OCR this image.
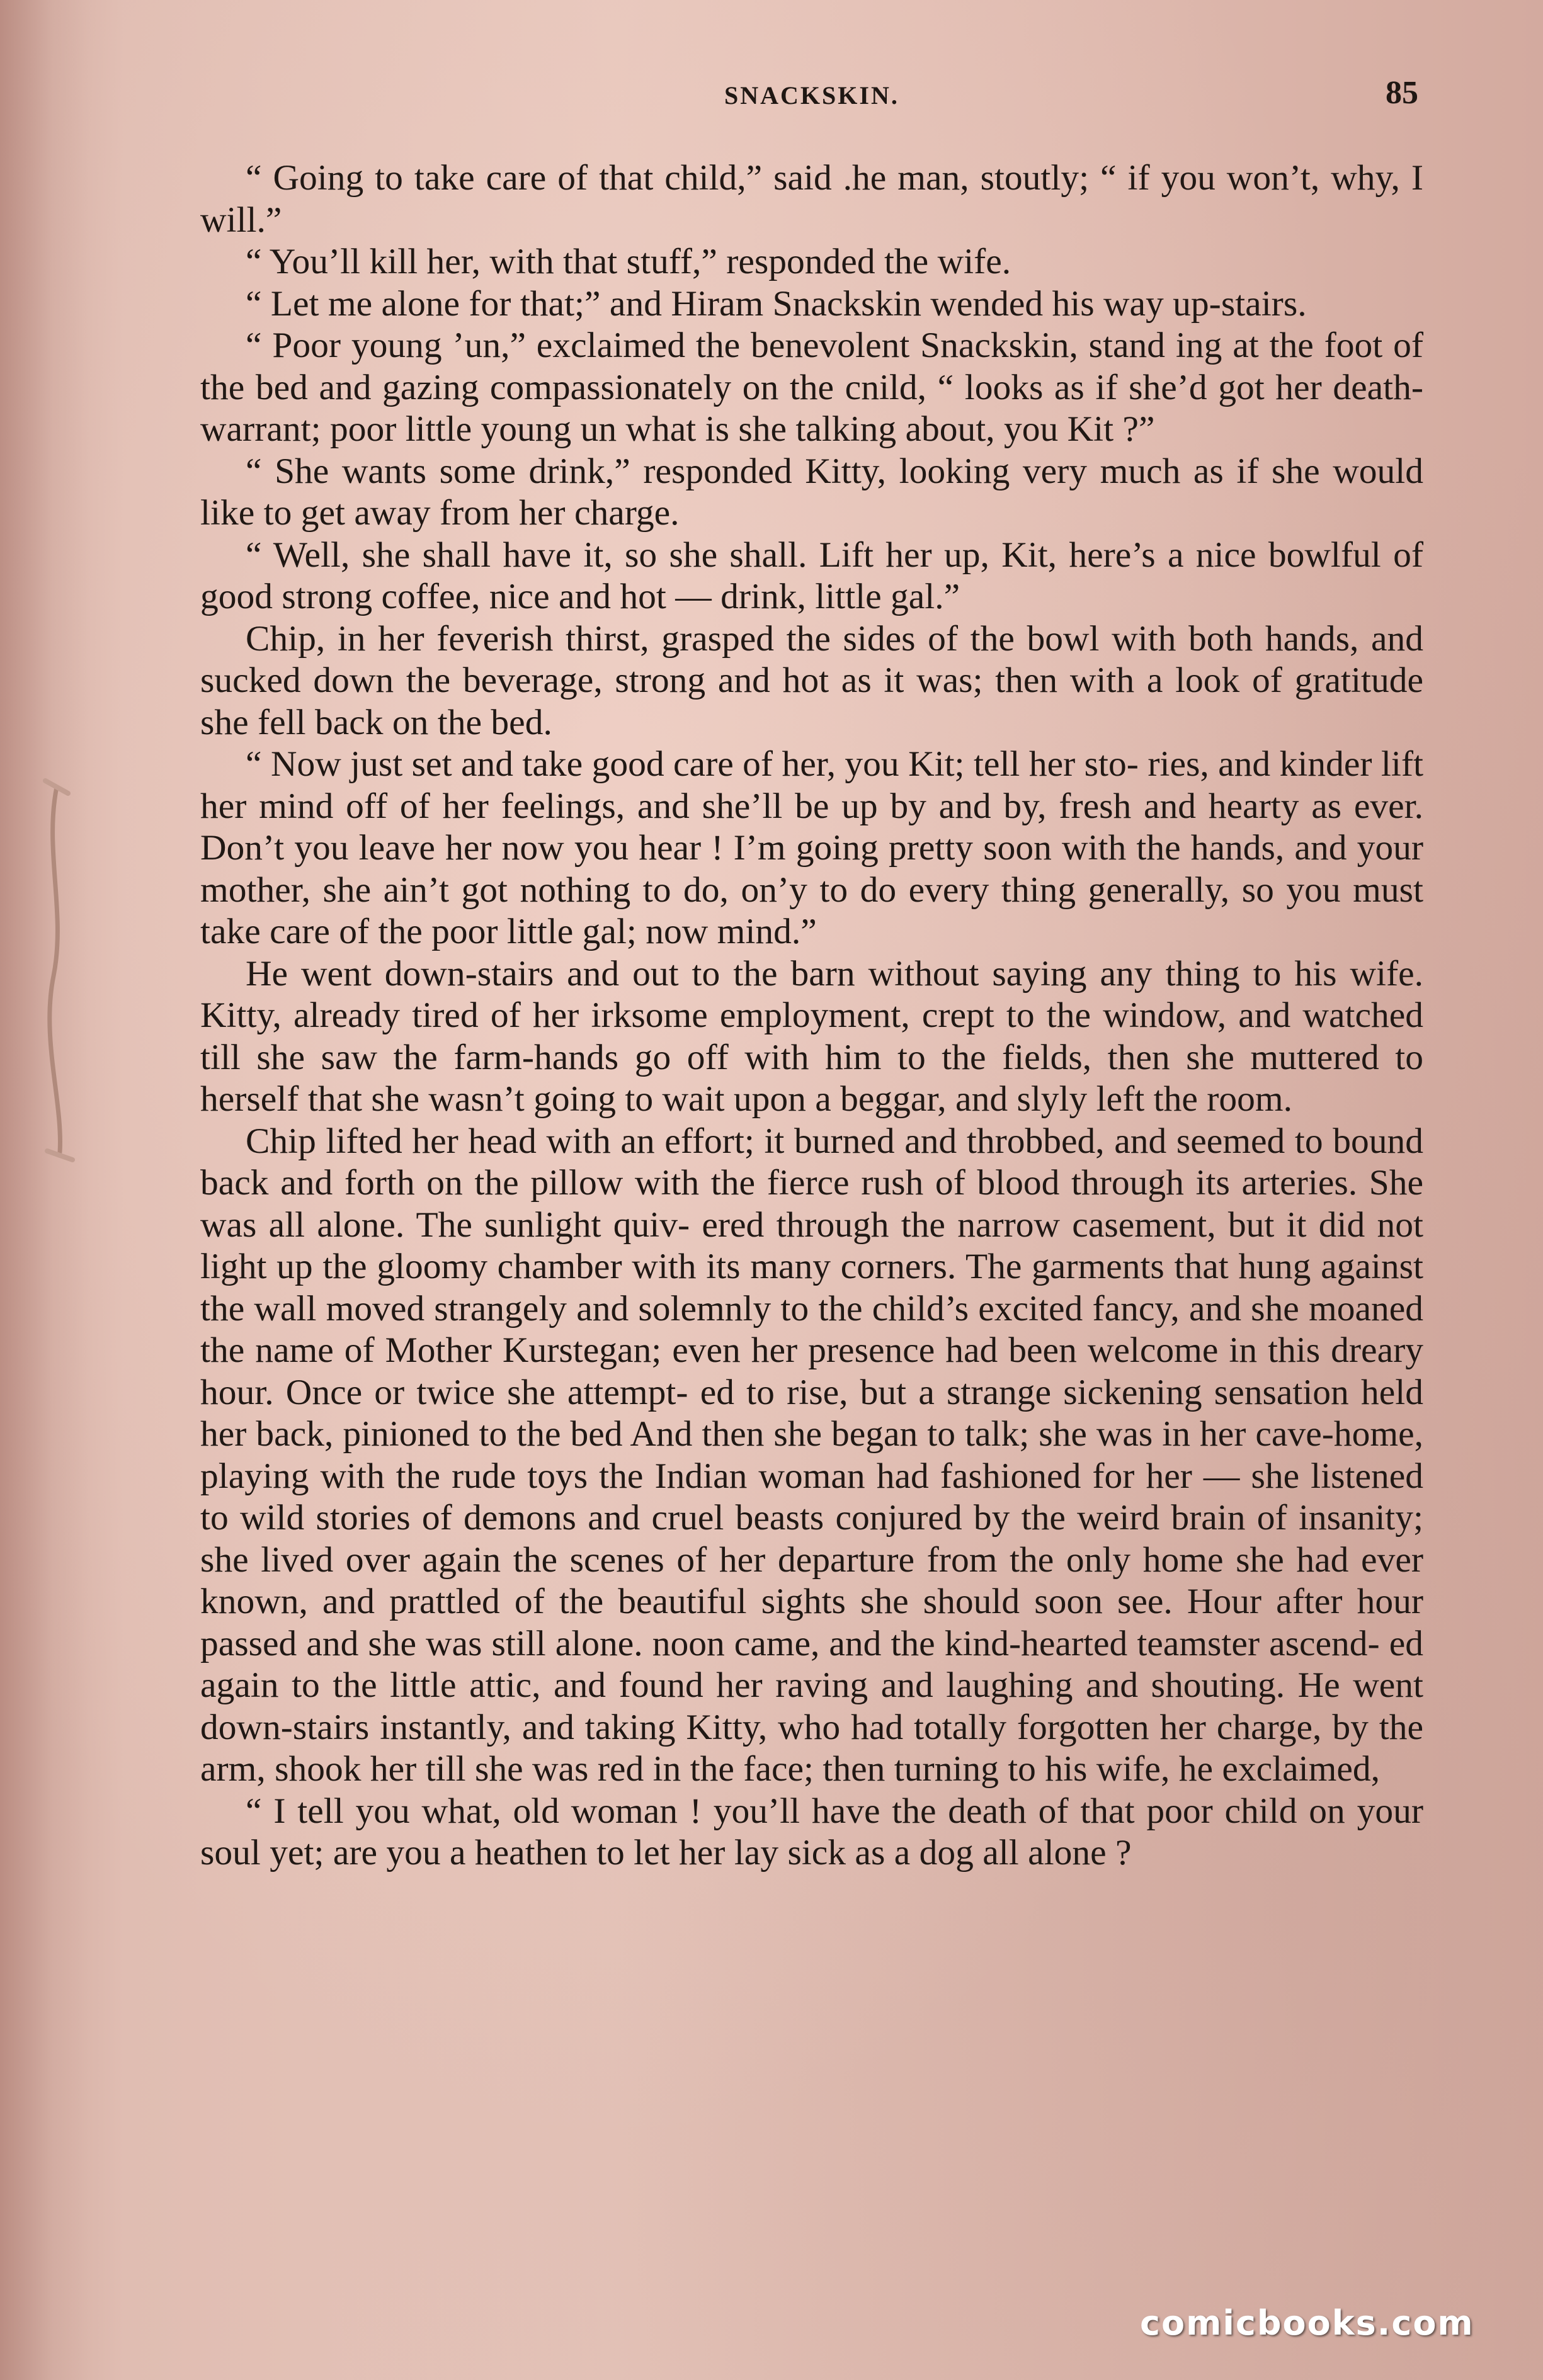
SNACKSKIN.	85

“ Going to take care of that child,” said .he man, stoutly; “ if you won’t, why, I will.”

“ You’ll kill her, with that stuff,” responded the wife.

“ Let me alone for that;” and Hiram Snackskin wended his way up-stairs.

“ Poor young ’un,” exclaimed the benevolent Snackskin, stand ing at the foot of the bed and gazing compassionately on the cnild, “ looks as if she’d got her death-warrant; poor little young un what is she talking about, you Kit ?”

“ She wants some drink,” responded Kitty, looking very much as if she would like to get away from her charge.

“ Well, she shall have it, so she shall. Lift her up, Kit, here’s a nice bowlful of good strong coffee, nice and hot — drink, little gal.”

Chip, in her feverish thirst, grasped the sides of the bowl with both hands, and sucked down the beverage, strong and hot as it was; then with a look of gratitude she fell back on the bed.

“ Now just set and take good care of her, you Kit; tell her sto- ries, and kinder lift her mind off of her feelings, and she’ll be up by and by, fresh and hearty as ever. Don’t you leave her now you hear ! I’m going pretty soon with the hands, and your mother, she ain’t got nothing to do, on’y to do every thing generally, so you must take care of the poor little gal; now mind.”

He went down-stairs and out to the barn without saying any thing to his wife. Kitty, already tired of her irksome employment, crept to the window, and watched till she saw the farm-hands go off with him to the fields, then she muttered to herself that she wasn’t going to wait upon a beggar, and slyly left the room.

Chip lifted her head with an effort; it burned and throbbed, and seemed to bound back and forth on the pillow with the fierce rush of blood through its arteries. She was all alone. The sunlight quiv- ered through the narrow casement, but it did not light up the gloomy chamber with its many corners. The garments that hung against the wall moved strangely and solemnly to the child’s excited fancy, and she moaned the name of Mother Kurstegan; even her presence had been welcome in this dreary hour. Once or twice she attempt- ed to rise, but a strange sickening sensation held her back, pinioned to the bed And then she began to talk; she was in her cave-home, playing with the rude toys the Indian woman had fashioned for her — she listened to wild stories of demons and cruel beasts conjured by the weird brain of insanity; she lived over again the scenes of her departure from the only home she had ever known, and prattled of the beautiful sights she should soon see. Hour after hour passed and she was still alone. noon came, and the kind-hearted teamster ascend- ed again to the little attic, and found her raving and laughing and shouting. He went down-stairs instantly, and taking Kitty, who had totally forgotten her charge, by the arm, shook her till she was red in the face; then turning to his wife, he exclaimed,

“ I tell you what, old woman ! you’ll have the death of that poor child on your soul yet; are you a heathen to let her lay sick as a dog all alone ?

comicbooks.com
